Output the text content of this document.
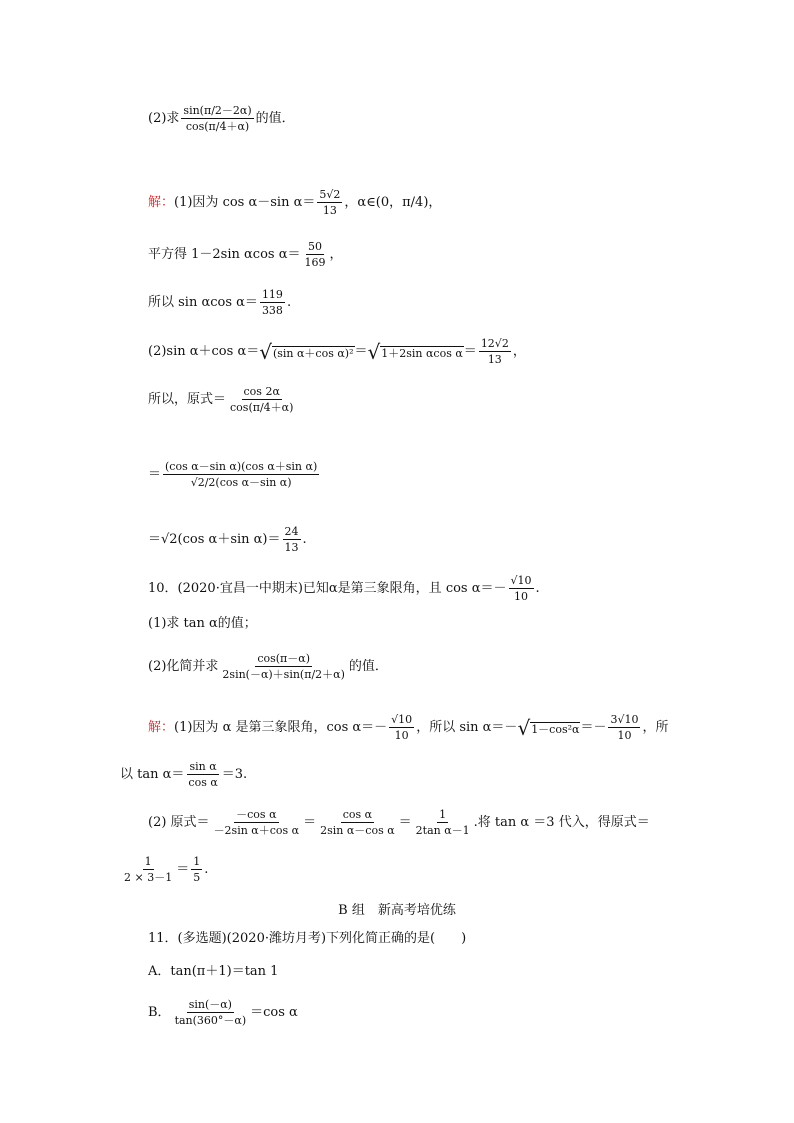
(2)求 $\frac{\sin(\pi/2-2\alpha)}{\cos(\pi/4+\alpha)}$ 的值．
解： (1)因为 cos α－sin $\alpha= \frac{5√2}{13}$ ，α∈(0，π/4)，
平方得 1－2sin αcos $\alpha= \frac{50}{169}$ ，
所以 sin αcos $\alpha= \frac{119}{338}$ .
(2)sin α＋cos α＝ √ (sin α＋cos α)² ＝ √ 1＋2sin αcos $\alpha = \frac{12√2}{13}$ ，
所以，原式＝ $\frac{\cos 2\alpha}{\cos(\pi/4+\alpha)}$
＝ $\frac{\text{(cos α－sin α)(cos α＋sin α)}}{\text{√2/2(cos α－sin α)}}$
＝√2(cos α＋sin $\alpha)= \frac{24}{13}$ .
10．(2020·宜昌一中期末)已知α是第三象限角，且 $\cos \alpha=- \frac{√10}{10}$ .
(1)求 tan α的值；
(2)化简并求 $\frac{\cos(\pi-\alpha)}{2\sin(-\alpha)+\sin(\pi/2+\alpha)}$ 的值．
解： (1)因为 α 是第三象限角，$\cos \alpha=- \frac{√10}{10}$ ，所以 sin α＝－ √ $1-\cos^2\alpha =- \frac{3√10}{10}$ ，所
以 $\tan \alpha= \frac{\text{sin α}}{\text{cos α}} =3$.
(2) 原式＝ $\frac{\text{－cos α}}{\text{－2sin α＋cos α}} = \frac{\text{cos α}}{\text{2sin α－cos α}} = \frac{1}{\text{2tan α－1}}$ .将 tan α ＝3 代入，得原式＝
$\frac{1}{2 \times 3-1} = \frac{1}{5}$ .
B 组　新高考培优练
11．(多选题)(2020·潍坊月考)下列化简正确的是(　　)
A．tan(π＋1)＝tan 1
B． $\frac{\sin(-\alpha)}{\tan(360^\circ-\alpha)} =\cos$ α
